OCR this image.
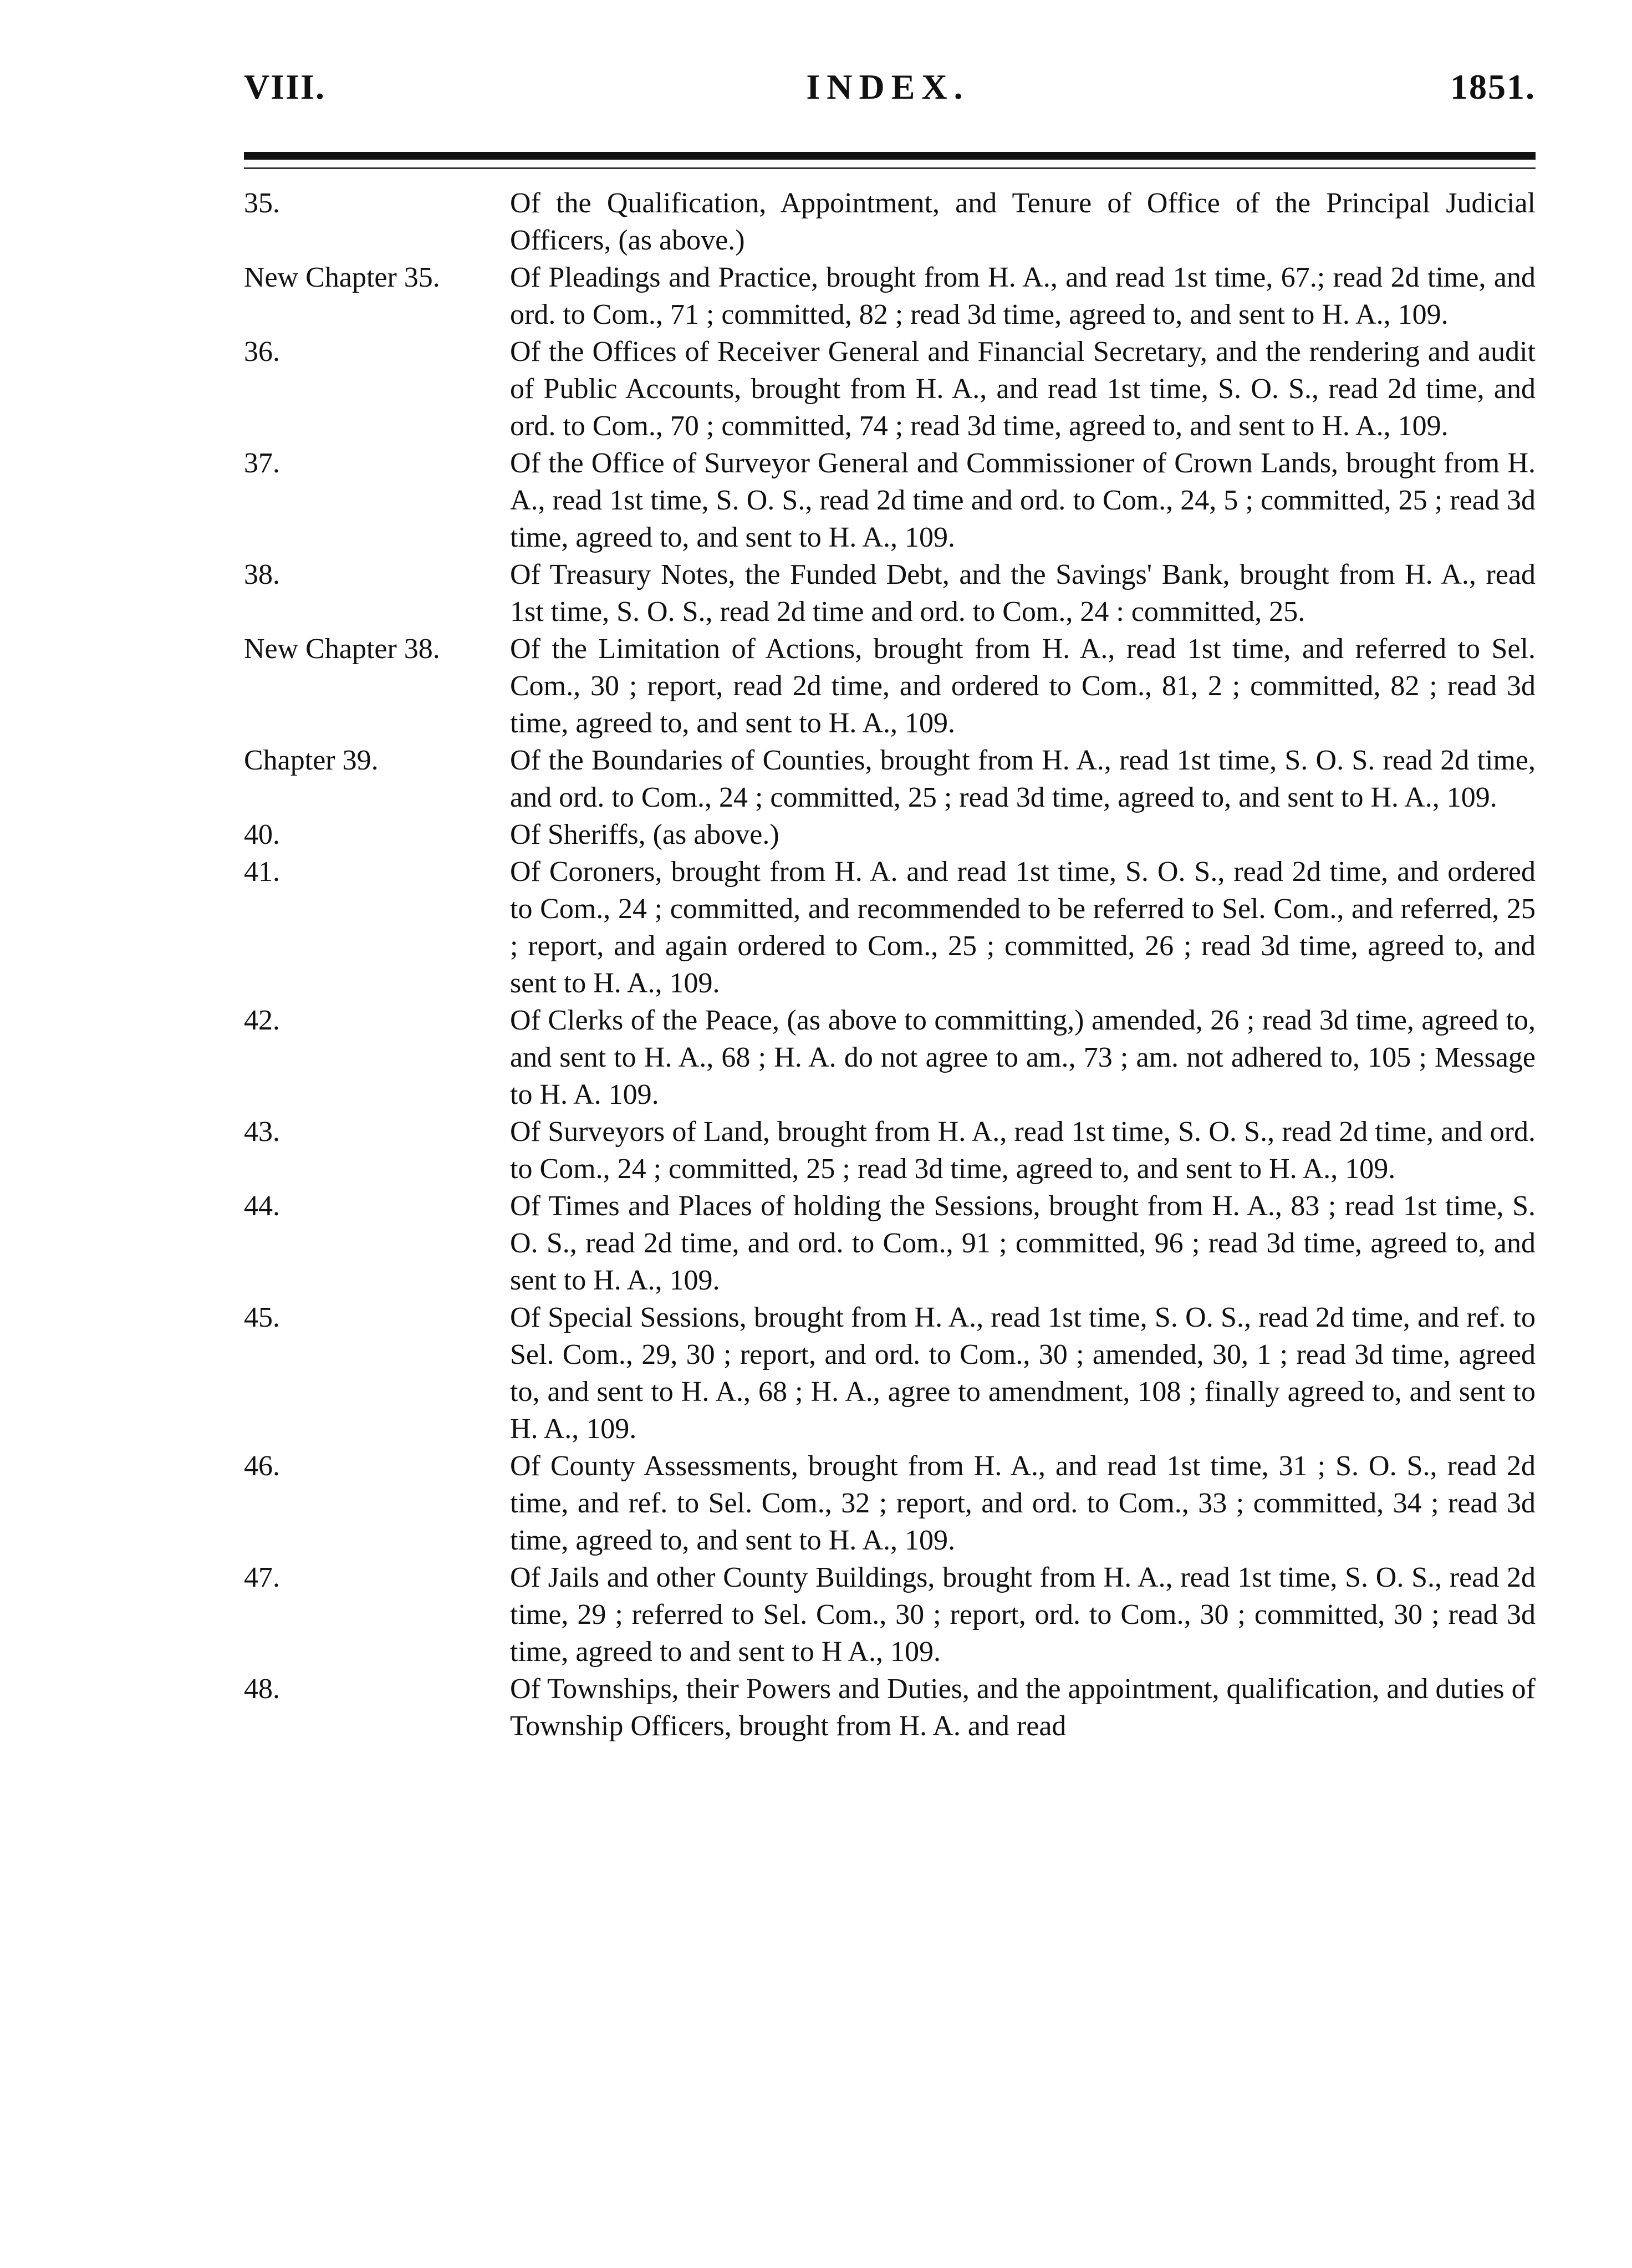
VIII.	INDEX.	1851.
35.	Of the Qualification, Appointment, and Tenure of Office of the Principal Judicial Officers, (as above.)
New Chapter 35.	Of Pleadings and Practice, brought from H. A., and read 1st time, 67.; read 2d time, and ord. to Com., 71 ; committed, 82 ; read 3d time, agreed to, and sent to H. A., 109.
36.	Of the Offices of Receiver General and Financial Secretary, and the rendering and audit of Public Accounts, brought from H. A., and read 1st time, S. O. S., read 2d time, and ord. to Com., 70 ; committed, 74 ; read 3d time, agreed to, and sent to H. A., 109.
37.	Of the Office of Surveyor General and Commissioner of Crown Lands, brought from H. A., read 1st time, S. O. S., read 2d time and ord. to Com., 24, 5 ; committed, 25 ; read 3d time, agreed to, and sent to H. A., 109.
38.	Of Treasury Notes, the Funded Debt, and the Savings' Bank, brought from H. A., read 1st time, S. O. S., read 2d time and ord. to Com., 24 : committed, 25.
New Chapter 38.	Of the Limitation of Actions, brought from H. A., read 1st time, and referred to Sel. Com., 30 ; report, read 2d time, and ordered to Com., 81, 2 ; committed, 82 ; read 3d time, agreed to, and sent to H. A., 109.
Chapter 39.	Of the Boundaries of Counties, brought from H. A., read 1st time, S. O. S. read 2d time, and ord. to Com., 24 ; committed, 25 ; read 3d time, agreed to, and sent to H. A., 109.
40.	Of Sheriffs, (as above.)
41.	Of Coroners, brought from H. A. and read 1st time, S. O. S., read 2d time, and ordered to Com., 24 ; committed, and recommended to be referred to Sel. Com., and referred, 25 ; report, and again ordered to Com., 25 ; committed, 26 ; read 3d time, agreed to, and sent to H. A., 109.
42.	Of Clerks of the Peace, (as above to committing,) amended, 26 ; read 3d time, agreed to, and sent to H. A., 68 ; H. A. do not agree to am., 73 ; am. not adhered to, 105 ; Message to H. A. 109.
43.	Of Surveyors of Land, brought from H. A., read 1st time, S. O. S., read 2d time, and ord. to Com., 24 ; committed, 25 ; read 3d time, agreed to, and sent to H. A., 109.
44.	Of Times and Places of holding the Sessions, brought from H. A., 83 ; read 1st time, S. O. S., read 2d time, and ord. to Com., 91 ; committed, 96 ; read 3d time, agreed to, and sent to H. A., 109.
45.	Of Special Sessions, brought from H. A., read 1st time, S. O. S., read 2d time, and ref. to Sel. Com., 29, 30 ; report, and ord. to Com., 30 ; amended, 30, 1 ; read 3d time, agreed to, and sent to H. A., 68 ; H. A., agree to amendment, 108 ; finally agreed to, and sent to H. A., 109.
46.	Of County Assessments, brought from H. A., and read 1st time, 31 ; S. O. S., read 2d time, and ref. to Sel. Com., 32 ; report, and ord. to Com., 33 ; committed, 34 ; read 3d time, agreed to, and sent to H. A., 109.
47.	Of Jails and other County Buildings, brought from H. A., read 1st time, S. O. S., read 2d time, 29 ; referred to Sel. Com., 30 ; report, ord. to Com., 30 ; committed, 30 ; read 3d time, agreed to and sent to H A., 109.
48.	Of Townships, their Powers and Duties, and the appointment, qualification, and duties of Township Officers, brought from H. A. and read
